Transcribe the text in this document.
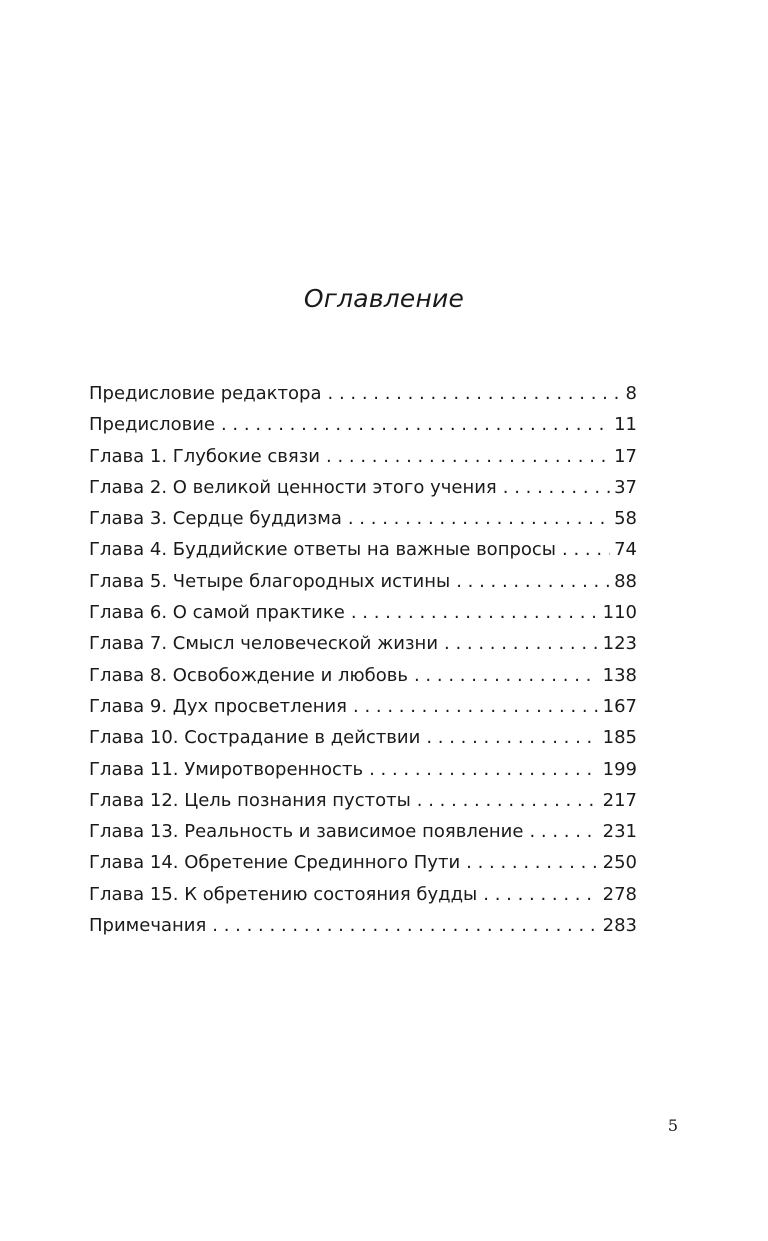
Оглавление
Предисловие редактора . . .	8
Предисловие . . .	11
Глава 1. Глубокие связи . . .	17
Глава 2. О великой ценности этого учения . . .	37
Глава 3. Сердце буддизма . . .	58
Глава 4. Буддийские ответы на важные вопросы . . .	74
Глава 5. Четыре благородных истины . . .	88
Глава 6. О самой практике . . .	110
Глава 7. Смысл человеческой жизни . . .	123
Глава 8. Освобождение и любовь . . .	138
Глава 9. Дух просветления . . .	167
Глава 10. Сострадание в действии . . .	185
Глава 11. Умиротворенность . . .	199
Глава 12. Цель познания пустоты . . .	217
Глава 13. Реальность и зависимое появление . . .	231
Глава 14. Обретение Срединного Пути . . .	250
Глава 15. К обретению состояния будды . . .	278
Примечания . . .	283
5
